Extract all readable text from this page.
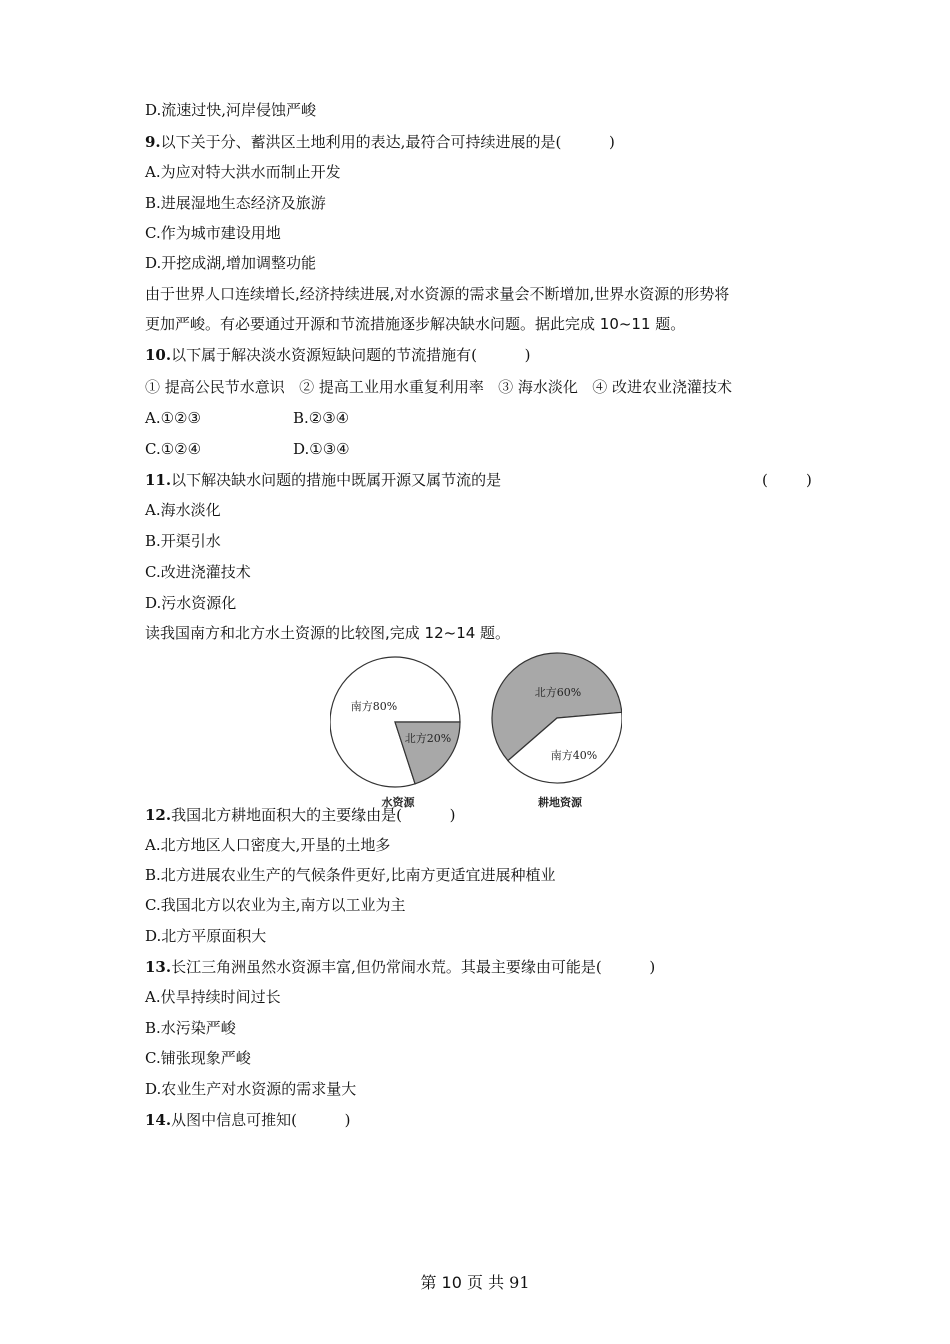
D.流速过快,河岸侵蚀严峻
9.以下关于分、蓄洪区土地利用的表达,最符合可持续进展的是(          )
A.为应对特大洪水而制止开发
B.进展湿地生态经济及旅游
C.作为城市建设用地
D.开挖成湖,增加调整功能
由于世界人口连续增长,经济持续进展,对水资源的需求量会不断增加,世界水资源的形势将
更加严峻。有必要通过开源和节流措施逐步解决缺水问题。据此完成 10~11 题。
10.以下属于解决淡水资源短缺问题的节流措施有(          )
① 提高公民节水意识   ② 提高工业用水重复利用率   ③ 海水淡化   ④ 改进农业浇灌技术
A.①②③	B.②③④
C.①②④	D.①③④
11.以下解决缺水问题的措施中既属开源又属节流的是	(        )
A.海水淡化
B.开渠引水
C.改进浇灌技术
D.污水资源化
读我国南方和北方水土资源的比较图,完成 12~14 题。
南方80%
北方20%
水资源
北方60%
南方40%
耕地资源
12.我国北方耕地面积大的主要缘由是(          )
A.北方地区人口密度大,开垦的土地多
B.北方进展农业生产的气候条件更好,比南方更适宜进展种植业
C.我国北方以农业为主,南方以工业为主
D.北方平原面积大
13.长江三角洲虽然水资源丰富,但仍常闹水荒。其最主要缘由可能是(          )
A.伏旱持续时间过长
B.水污染严峻
C.铺张现象严峻
D.农业生产对水资源的需求量大
14.从图中信息可推知(          )
第 10 页 共 91
